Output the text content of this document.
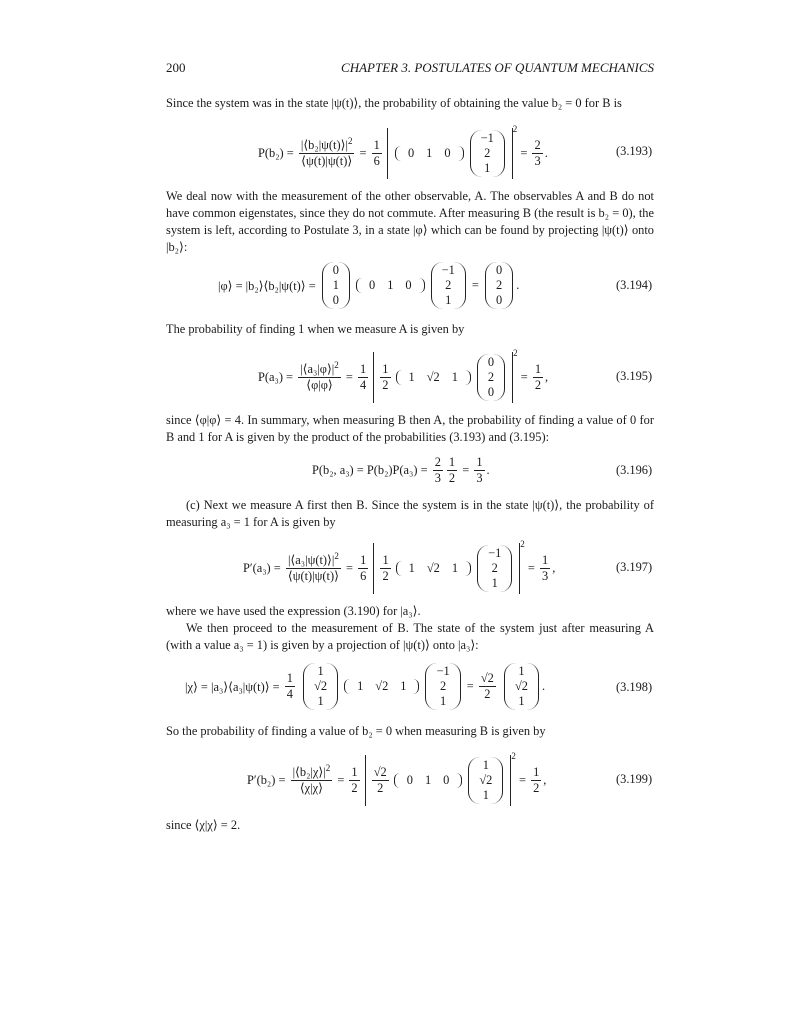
200	CHAPTER 3. POSTULATES OF QUANTUM MECHANICS
Since the system was in the state |ψ(t)⟩, the probability of obtaining the value b₂ = 0 for B is
$P(b_2) = \frac{|⟨b_2|\psi(t)⟩|^2}{⟨\psi(t)|\psi(t)⟩} = \frac{1}{6} 0$ 1 0
−1
2
1
$^2 = \frac{2}{3}$ .	(3.193)
We deal now with the measurement of the other observable, A. The observables A and B do not have common eigenstates, since they do not commute. After measuring B (the result is b₂ = 0), the system is left, according to Postulate 3, in a state |φ⟩ which can be found by projecting |ψ(t)⟩ onto |b₂⟩:
|φ⟩ = |b₂⟩⟨b₂|ψ(t)⟩ =
0
1
0
0 1 0
−1
2
1
=
0
2
0
.	(3.194)
The probability of finding 1 when we measure A is given by
$P(a_3) = \frac{|⟨a_3|\varphi⟩|^2}{⟨\varphi|\varphi⟩} = \frac{1}{4}$
$\frac{1}{2} 1$ √2 1
0
2
0
$^2 = \frac{1}{2}$ ,	(3.195)
since ⟨φ|φ⟩ = 4. In summary, when measuring B then A, the probability of finding a value of 0 for B and 1 for A is given by the product of the probabilities (3.193) and (3.195):
P(b₂, $a_3) = P(b_2)P(a_3) = \frac{2}{3} \frac{1}{2} = \frac{1}{3}$ .	(3.196)
(c) Next we measure A first then B. Since the system is in the state |ψ(t)⟩, the probability of measuring a₃ = 1 for A is given by
$P'(a_3) = \frac{|⟨a_3|\psi(t)⟩|^2}{⟨\psi(t)|\psi(t)⟩} = \frac{1}{6}$
$\frac{1}{2} 1$ √2 1
−1
2
1
$^2 = \frac{1}{3}$ ,	(3.197)
where we have used the expression (3.190) for |a₃⟩.
We then proceed to the measurement of B. The state of the system just after measuring A (with a value a₃ = 1) is given by a projection of |ψ(t)⟩ onto |a₃⟩:
|χ⟩ = |a₃⟩⟨a₃|ψ(t)⟩ = $\frac{1}{4}$
1
√2
1
1 √2 1
−1
2
1
= $\frac{√2}{2}$
1
√2
1
.	(3.198)
So the probability of finding a value of b₂ = 0 when measuring B is given by
$P'(b_2) = \frac{|⟨b_2|\chi⟩|^2}{⟨\chi|\chi⟩} = \frac{1}{2}$
$\frac{√2}{2} 0$ 1 0
1
√2
1
$^2 = \frac{1}{2}$ ,	(3.199)
since ⟨χ|χ⟩ = 2.
